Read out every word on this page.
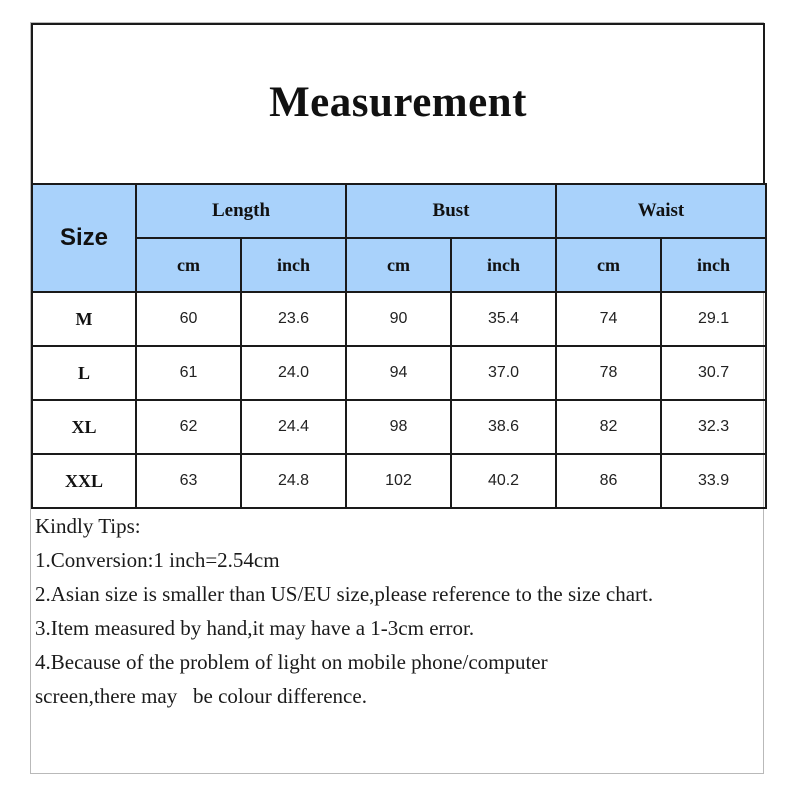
Measurement
Size	Length		Bust		Waist	
	cm	inch	cm	inch	cm	inch
M	60	23.6	90	35.4	74	29.1
L	61	24.0	94	37.0	78	30.7
XL	62	24.4	98	38.6	82	32.3
XXL	63	24.8	102	40.2	86	33.9
Kindly Tips:
1.Conversion:1 inch=2.54cm
2.Asian size is smaller than US/EU size,please reference to the size chart.
3.Item measured by hand,it may have a 1-3cm error.
4.Because of the problem of light on mobile phone/computer
screen,there may   be colour difference.
